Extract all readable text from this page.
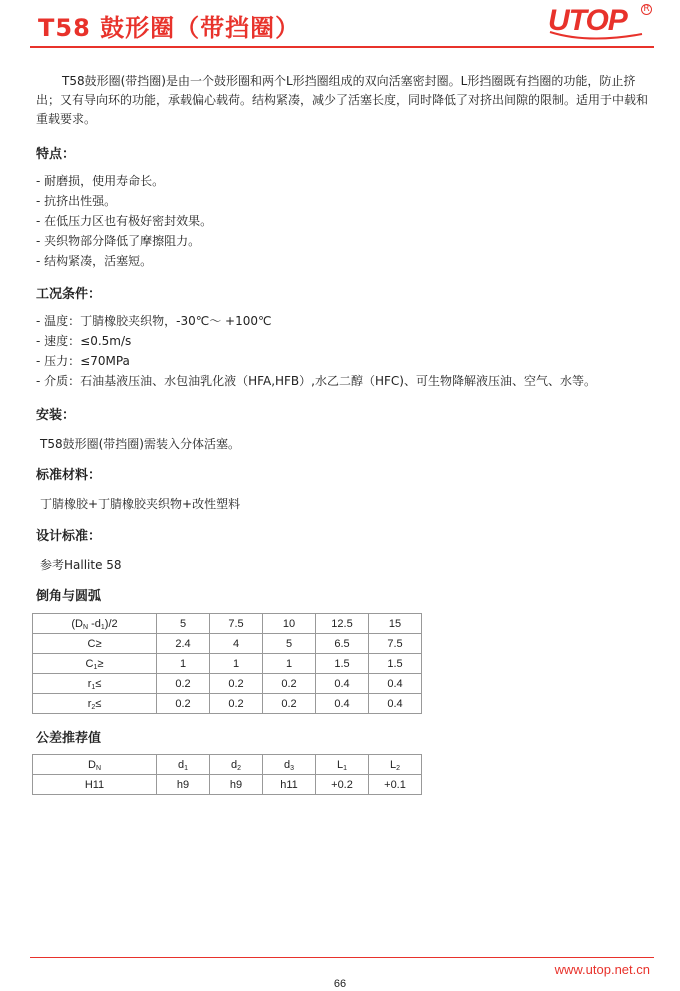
T58 鼓形圈（带挡圈）	UTOP R

T58鼓形圈(带挡圈)是由一个鼓形圈和两个L形挡圈组成的双向活塞密封圈。L形挡圈既有挡圈的功能，防止挤出；又有导向环的功能，承载偏心载荷。结构紧凑，减少了活塞长度，同时降低了对挤出间隙的限制。适用于中载和重载要求。

特点：
- 耐磨损，使用寿命长。
- 抗挤出性强。
- 在低压力区也有极好密封效果。
- 夹织物部分降低了摩擦阻力。
- 结构紧凑，活塞短。
工况条件：
- 温度：丁腈橡胶夹织物，-30℃～ +100℃
- 速度：≤0.5m/s
- 压力：≤70MPa
- 介质：石油基液压油、水包油乳化液（HFA,HFB）,水乙二醇（HFC)、可生物降解液压油、空气、水等。
安装：
T58鼓形圈(带挡圈)需装入分体活塞。
标准材料：
丁腈橡胶+丁腈橡胶夹织物+改性塑料
设计标准：
参考Hallite 58
倒角与圆弧
($D_N$ $-d_1)/2$	5	7.5	10	12.5	15
C≥	2.4	4	5	6.5	7.5
$C_1\ge$	1	1	1	1.5	1.5
$r_1\le$	0.2	0.2	0.2	0.4	0.4
$r_2\le$	0.2	0.2	0.2	0.4	0.4
公差推荐值
$D_N$	$d_1$	$d_2$	$d_3$	$L_1$	$L_2$
H11	h9	h9	h11	+0.2	+0.1
www.utop.net.cn
66
